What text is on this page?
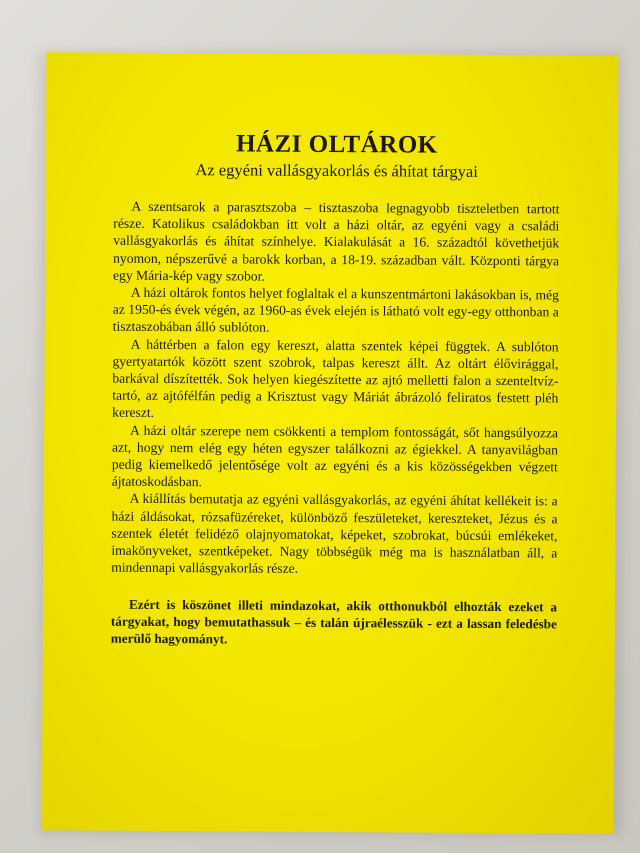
HÁZI OLTÁROK
Az egyéni vallásgyakorlás és áhítat tárgyai

A szentsarok a parasztszoba – tisztaszoba legnagyobb tiszteletben tartott része. Katolikus családokban itt volt a házi oltár, az egyéni vagy a családi vallásgyakorlás és áhítat színhelye. Kialakulását a 16. századtól követhetjük nyomon, népszerűvé a barokk korban, a 18-19. században vált. Központi tárgya egy Mária-kép vagy szobor.

A házi oltárok fontos helyet foglaltak el a kunszentmártoni lakásokban is, még az 1950-és évek végén, az 1960-as évek elején is látható volt egy-egy otthonban a tisztaszobában álló sublóton.

A háttérben a falon egy kereszt, alatta szentek képei függtek. A sublóton gyertyatartók között szent szobrok, talpas kereszt állt. Az oltárt élővirággal, barkával díszítették. Sok helyen kiegészítette az ajtó melletti falon a szenteltvíz-tartó, az ajtófélfán pedig a Krisztust vagy Máriát ábrázoló feliratos festett pléh kereszt.

A házi oltár szerepe nem csökkenti a templom fontosságát, sőt hangsúlyozza azt, hogy nem elég egy héten egyszer találkozni az égiekkel. A tanyavilágban pedig kiemelkedő jelentősége volt az egyéni és a kis közösségekben végzett ájtatoskodásban.

A kiállítás bemutatja az egyéni vallásgyakorlás, az egyéni áhítat kellékeit is: a házi áldásokat, rózsafüzéreket, különböző feszületeket, kereszteket, Jézus és a szentek életét felidéző olajnyomatokat, képeket, szobrokat, búcsúi emlékeket, imakönyveket, szentképeket. Nagy többségük még ma is használatban áll, a mindennapi vallásgyakorlás része.

Ezért is köszönet illeti mindazokat, akik otthonukból elhozták ezeket a tárgyakat, hogy bemutathassuk – és talán újraélesszük - ezt a lassan feledésbe merülő hagyományt.
